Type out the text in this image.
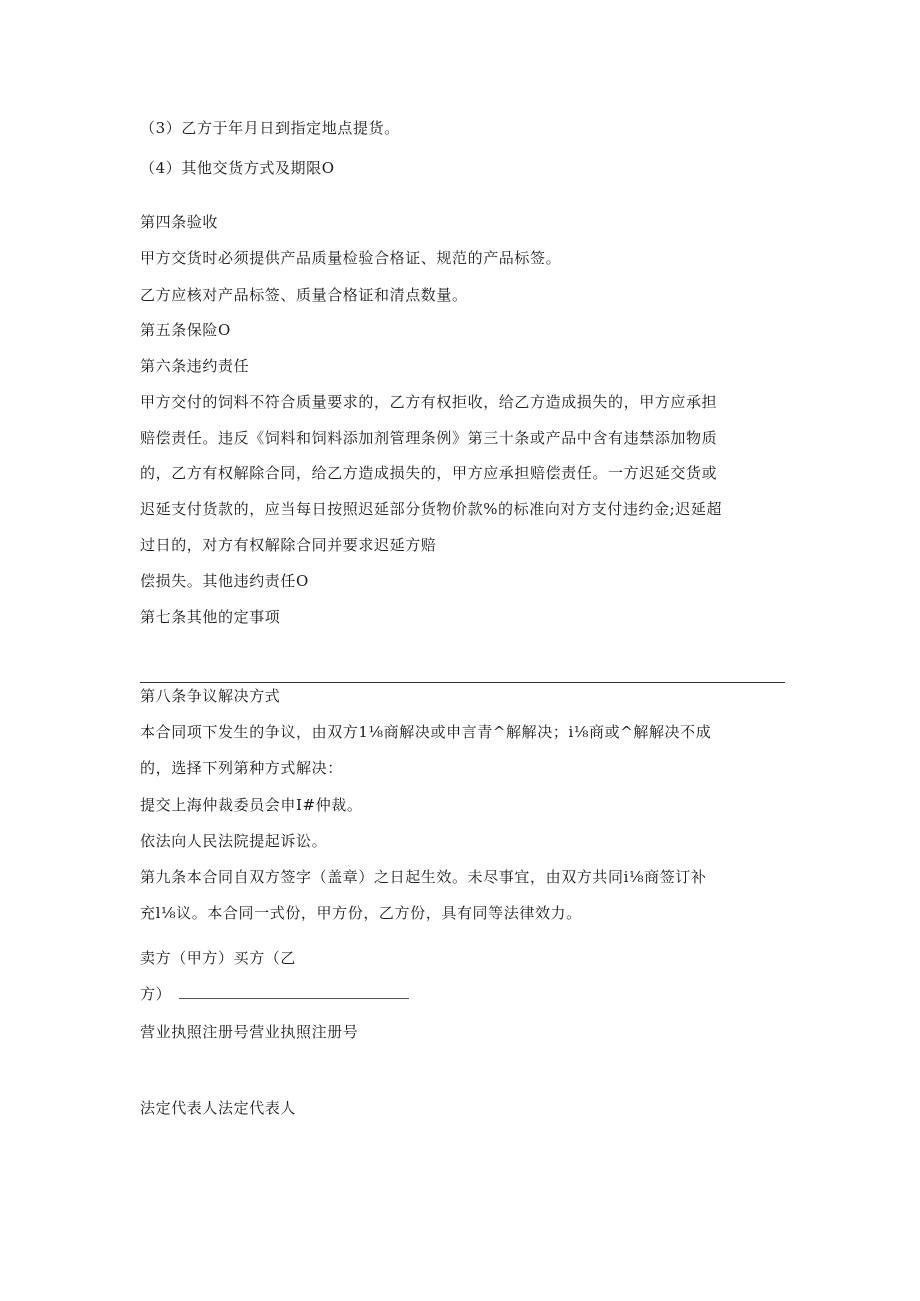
（3）乙方于年月日到指定地点提货。
（4）其他交货方式及期限O
第四条验收
甲方交货时必须提供产品质量检验合格证、规范的产品标签。
乙方应核对产品标签、质量合格证和清点数量。
第五条保险O
第六条违约责任
甲方交付的饲料不符合质量要求的，乙方有权拒收，给乙方造成损失的，甲方应承担
赔偿责任。违反《饲料和饲料添加剂管理条例》第三十条或产品中含有违禁添加物质
的，乙方有权解除合同，给乙方造成损失的，甲方应承担赔偿责任。一方迟延交货或
迟延支付货款的，应当每日按照迟延部分货物价款%的标准向对方支付违约金;迟延超
过日的，对方有权解除合同并要求迟延方赔
偿损失。其他违约责任O
第七条其他的定事项
第八条争议解决方式
本合同项下发生的争议，由双方1⅛商解决或申言青^解解决；i⅛商或^解解决不成
的，选择下列第种方式解决：
提交上海仲裁委员会申I#仲裁。
依法向人民法院提起诉讼。
第九条本合同自双方签字（盖章）之日起生效。未尽事宜，由双方共同i⅛商签订补
充l⅛议。本合同一式份，甲方份，乙方份，具有同等法律效力。
卖方（甲方）买方（乙
方）
营业执照注册号营业执照注册号
法定代表人法定代表人
